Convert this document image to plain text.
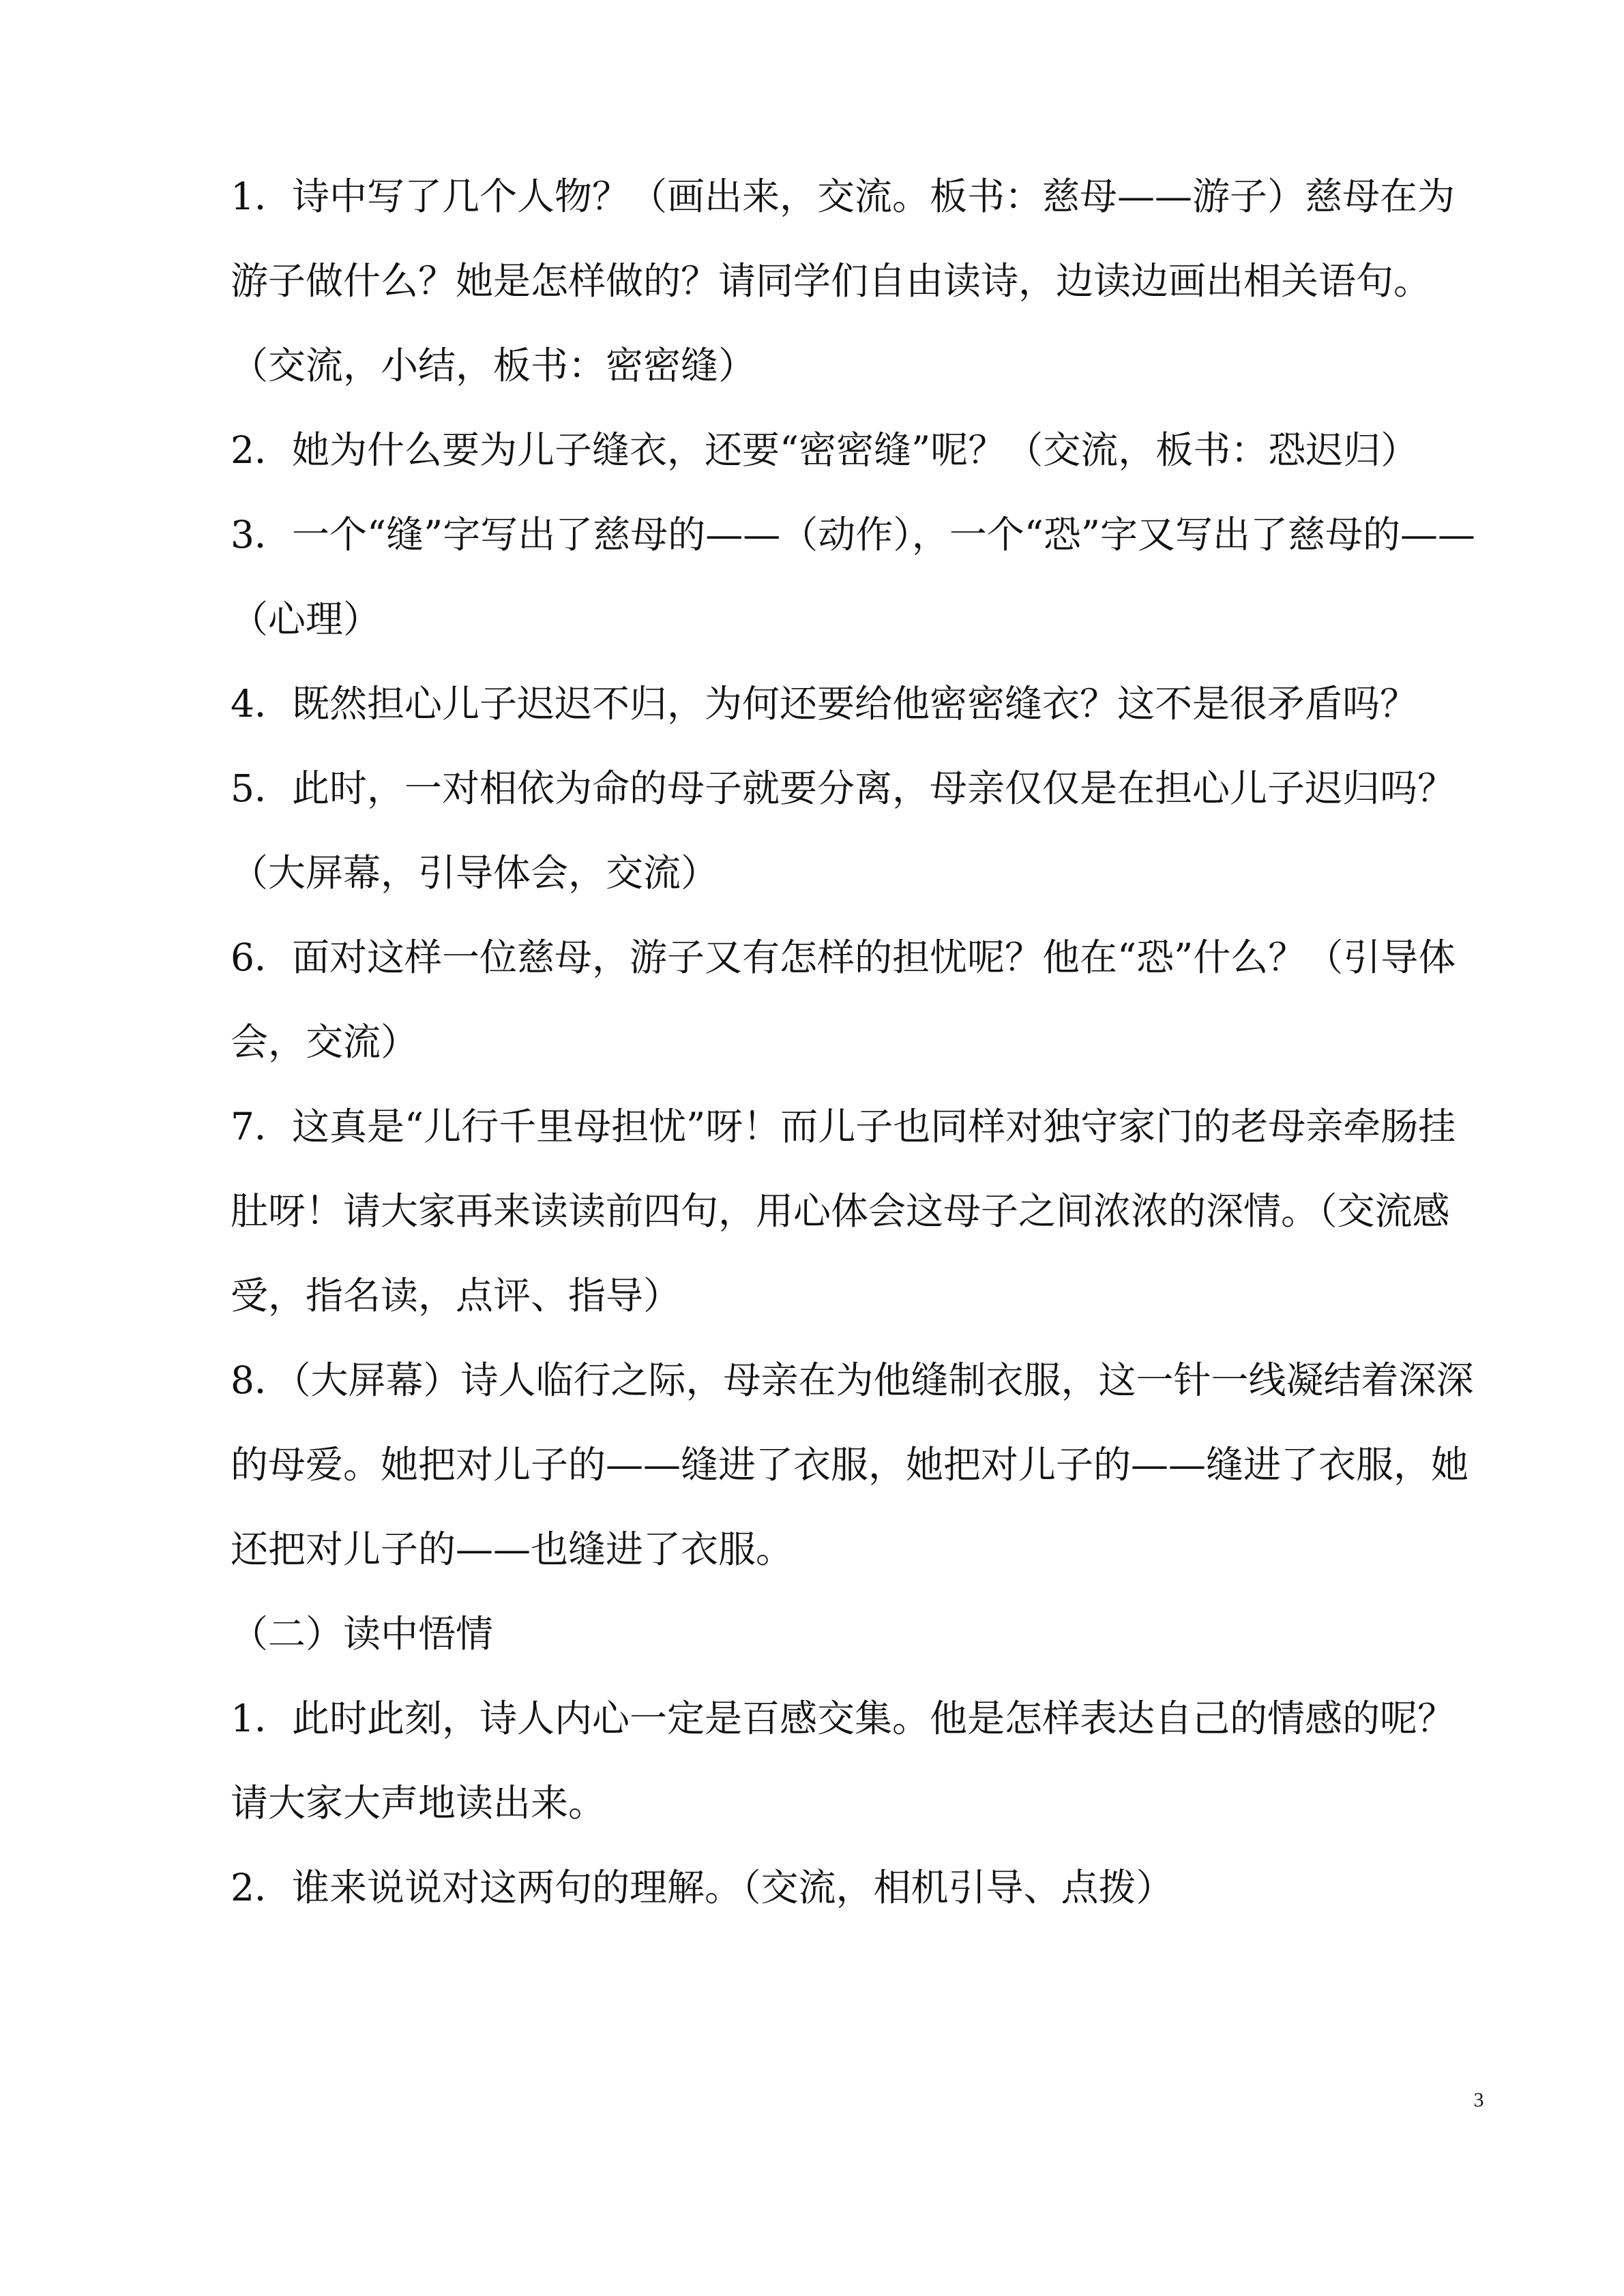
1．诗中写了几个人物？（画出来，交流。板书：慈母——游子）慈母在为游子做什么？她是怎样做的？请同学们自由读诗，边读边画出相关语句。（交流，小结，板书：密密缝）

2．她为什么要为儿子缝衣，还要“密密缝”呢？（交流，板书：恐迟归）

3．一个“缝”字写出了慈母的——（动作），一个“恐”字又写出了慈母的——（心理）

4．既然担心儿子迟迟不归，为何还要给他密密缝衣？这不是很矛盾吗？ 5．此时，一对相依为命的母子就要分离，母亲仅仅是在担心儿子迟归吗？（大屏幕，引导体会，交流）

6．面对这样一位慈母，游子又有怎样的担忧呢？他在“恐”什么？（引导体会，交流）

7．这真是“儿行千里母担忧”呀！而儿子也同样对独守家门的老母亲牵肠挂肚呀！请大家再来读读前四句，用心体会这母子之间浓浓的深情。（交流感受，指名读，点评、指导）

8．（大屏幕）诗人临行之际，母亲在为他缝制衣服，这一针一线凝结着深深的母爱。她把对儿子的——缝进了衣服，她把对儿子的——缝进了衣服，她还把对儿子的——也缝进了衣服。

（二）读中悟情

1．此时此刻，诗人内心一定是百感交集。他是怎样表达自己的情感的呢？请大家大声地读出来。

2．谁来说说对这两句的理解。（交流，相机引导、点拨）

3
